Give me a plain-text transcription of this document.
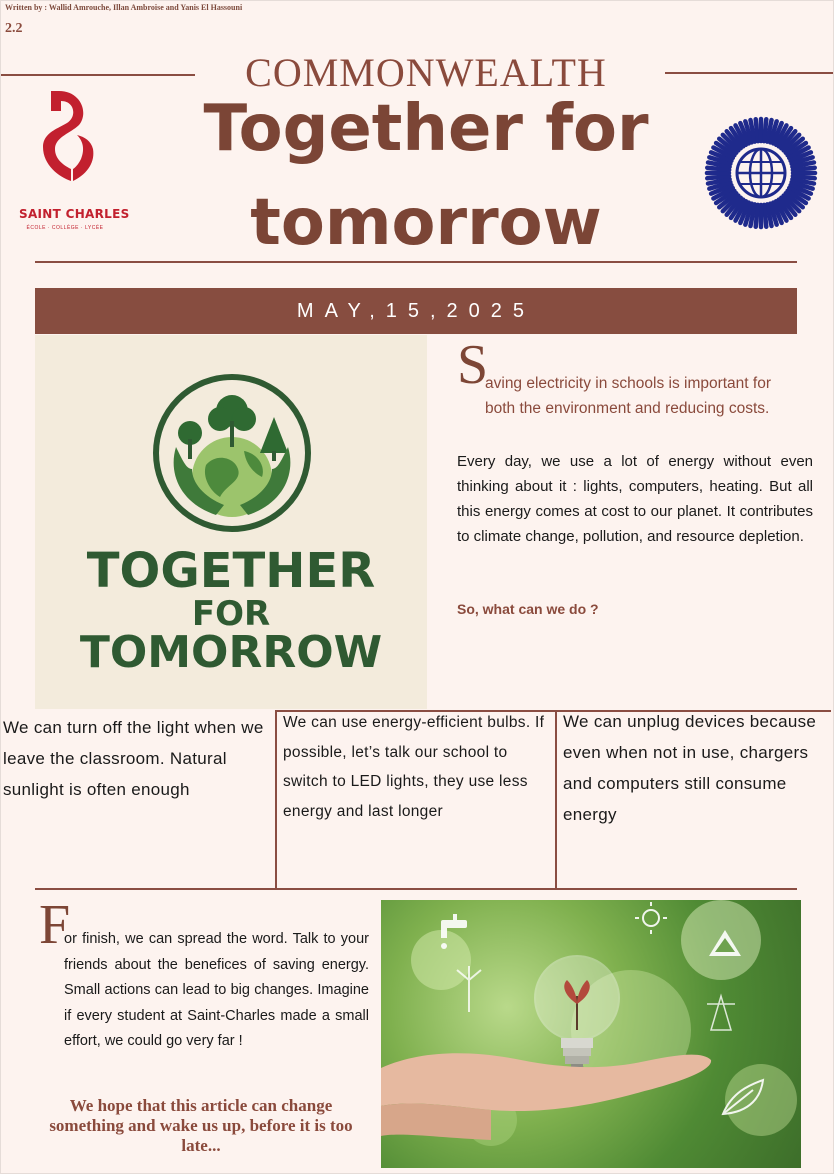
Written by : Wallid Amrouche, Illan Ambroise and Yanis El Hassouni
2.2
COMMONWEALTH
Together for
tomorrow
SAINT CHARLES
ÉCOLE · COLLÈGE · LYCÉE
MAY,15,2025
TOGETHER
FOR
TOMORROW
S
aving electricity in schools is important for both the environment and reducing costs.
Every day, we use a lot of energy without even thinking about it : lights, computers, heating. But all this energy comes at cost to our planet. It contributes to climate change, pollution, and resource depletion.
So, what can we do ?
We can turn off the light when we leave the classroom. Natural sunlight is often enough
We can use energy-efficient bulbs. If possible, let’s talk our school to switch to LED lights, they use less energy and last longer
We can unplug devices because even when not in use, chargers and computers still consume energy
F
or finish, we can spread the word. Talk to your friends about the benefices of saving energy. Small actions can lead to big changes. Imagine if every student at Saint-Charles made a small effort, we could go very far !
We hope that this article can change something and wake us up, before it is too late...
